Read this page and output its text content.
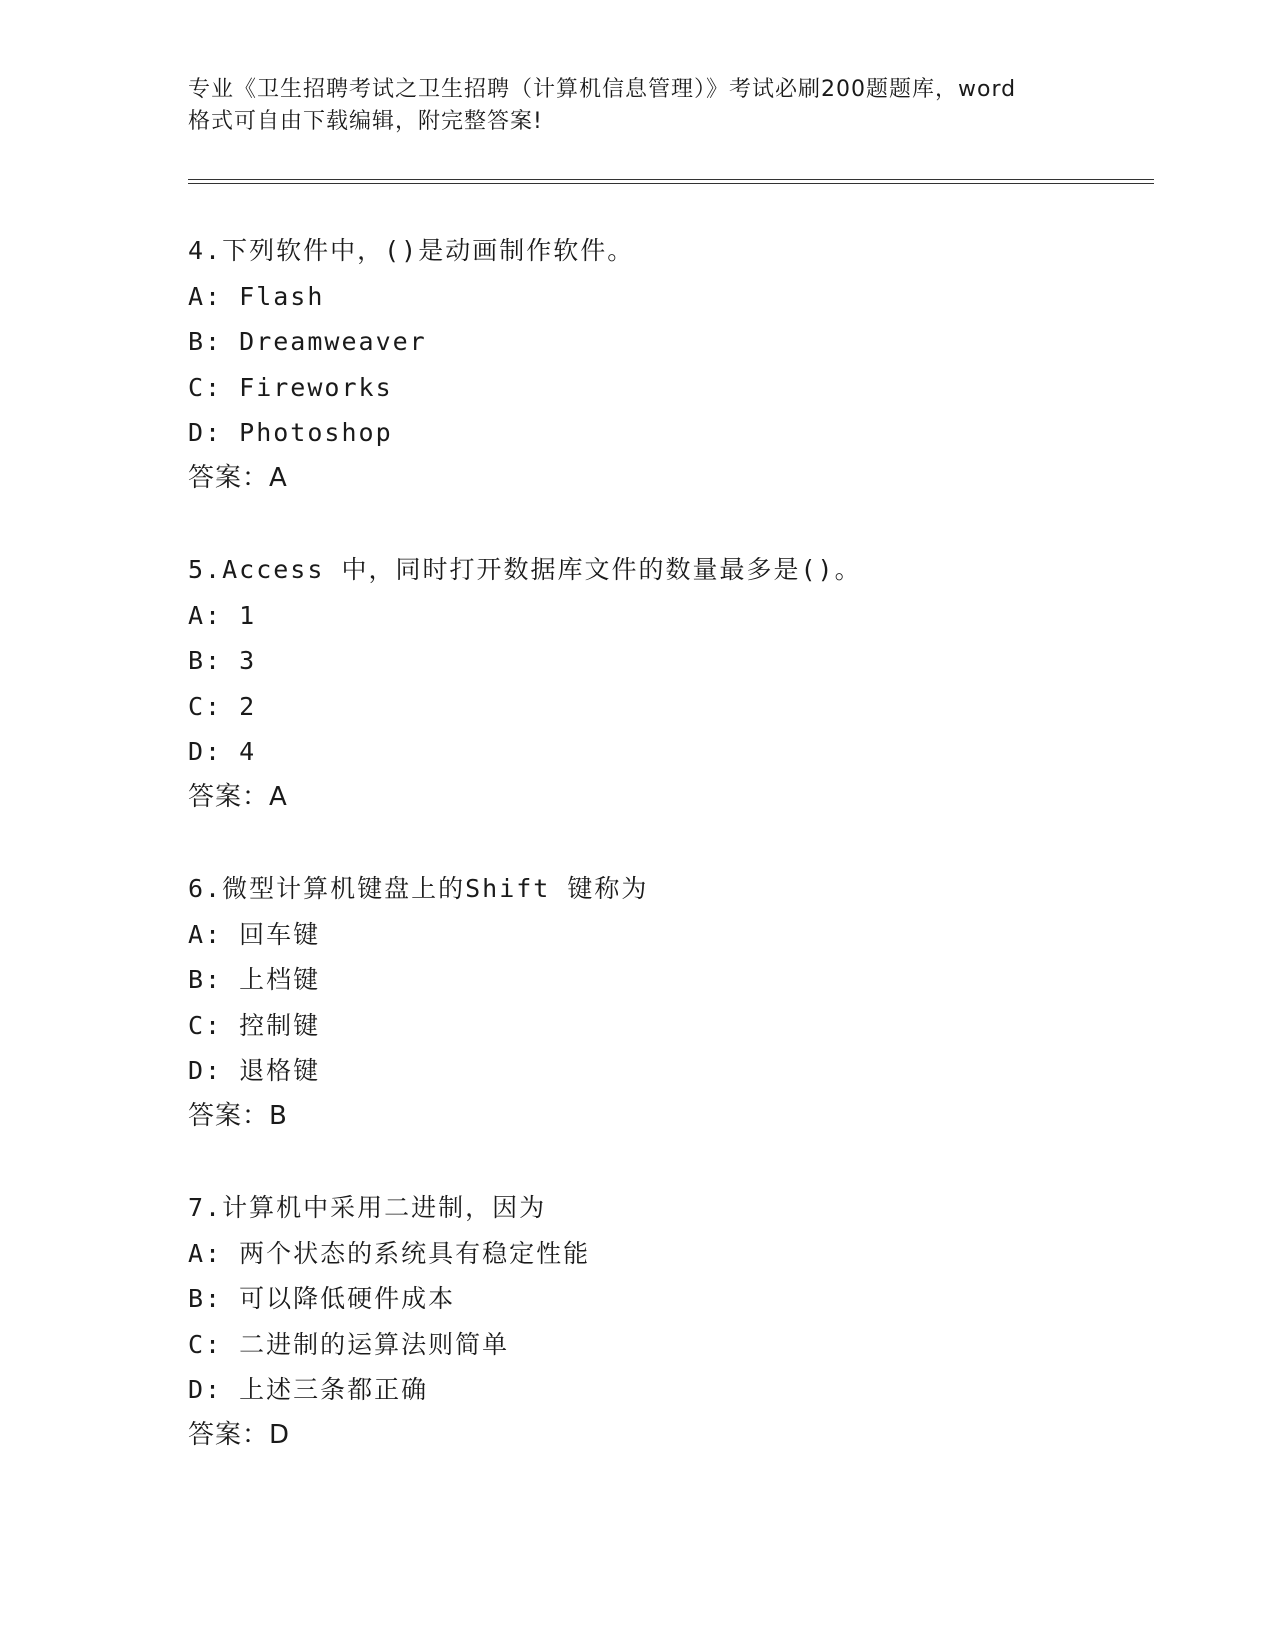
专业《卫生招聘考试之卫生招聘（计算机信息管理）》考试必刷200题题库，word
格式可自由下载编辑，附完整答案!
4.下列软件中，()是动画制作软件。
A: Flash
B: Dreamweaver
C: Fireworks
D: Photoshop
答案：A
5.Access 中，同时打开数据库文件的数量最多是()。
A: 1
B: 3
C: 2
D: 4
答案：A
6.微型计算机键盘上的Shift 键称为
A: 回车键
B: 上档键
C: 控制键
D: 退格键
答案：B
7.计算机中采用二进制，因为
A: 两个状态的系统具有稳定性能
B: 可以降低硬件成本
C: 二进制的运算法则简单
D: 上述三条都正确
答案：D
